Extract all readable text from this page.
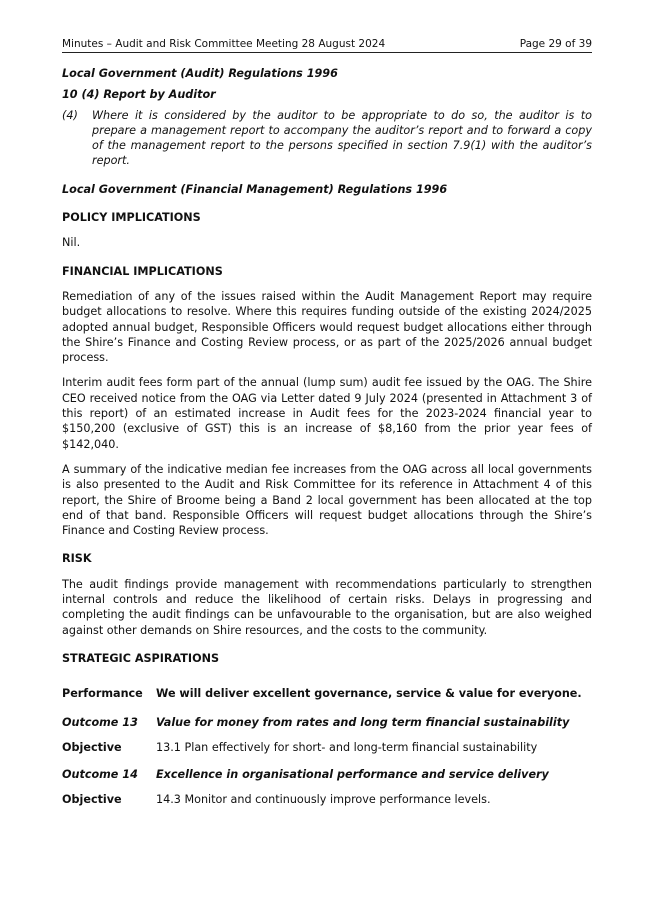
Minutes – Audit and Risk Committee Meeting 28 August 2024	Page 29 of 39

Local Government (Audit) Regulations 1996

10 (4) Report by Auditor

(4)	Where it is considered by the auditor to be appropriate to do so, the auditor is to prepare a management report to accompany the auditor’s report and to forward a copy of the management report to the persons specified in section 7.9(1) with the auditor’s report.

Local Government (Financial Management) Regulations 1996

POLICY IMPLICATIONS

Nil.

FINANCIAL IMPLICATIONS

Remediation of any of the issues raised within the Audit Management Report may require budget allocations to resolve. Where this requires funding outside of the existing 2024/2025 adopted annual budget, Responsible Officers would request budget allocations either through the Shire’s Finance and Costing Review process, or as part of the 2025/2026 annual budget process.

Interim audit fees form part of the annual (lump sum) audit fee issued by the OAG. The Shire CEO received notice from the OAG via Letter dated 9 July 2024 (presented in Attachment 3 of this report) of an estimated increase in Audit fees for the 2023-2024 financial year to $150,200 (exclusive of GST) this is an increase of $8,160 from the prior year fees of $142,040.

A summary of the indicative median fee increases from the OAG across all local governments is also presented to the Audit and Risk Committee for its reference in Attachment 4 of this report, the Shire of Broome being a Band 2 local government has been allocated at the top end of that band. Responsible Officers will request budget allocations through the Shire’s Finance and Costing Review process.

RISK

The audit findings provide management with recommendations particularly to strengthen internal controls and reduce the likelihood of certain risks. Delays in progressing and completing the audit findings can be unfavourable to the organisation, but are also weighed against other demands on Shire resources, and the costs to the community.

STRATEGIC ASPIRATIONS

Performance	We will deliver excellent governance, service & value for everyone.
Outcome 13	Value for money from rates and long term financial sustainability
Objective	13.1 Plan effectively for short- and long-term financial sustainability
Outcome 14	Excellence in organisational performance and service delivery
Objective	14.3 Monitor and continuously improve performance levels.
